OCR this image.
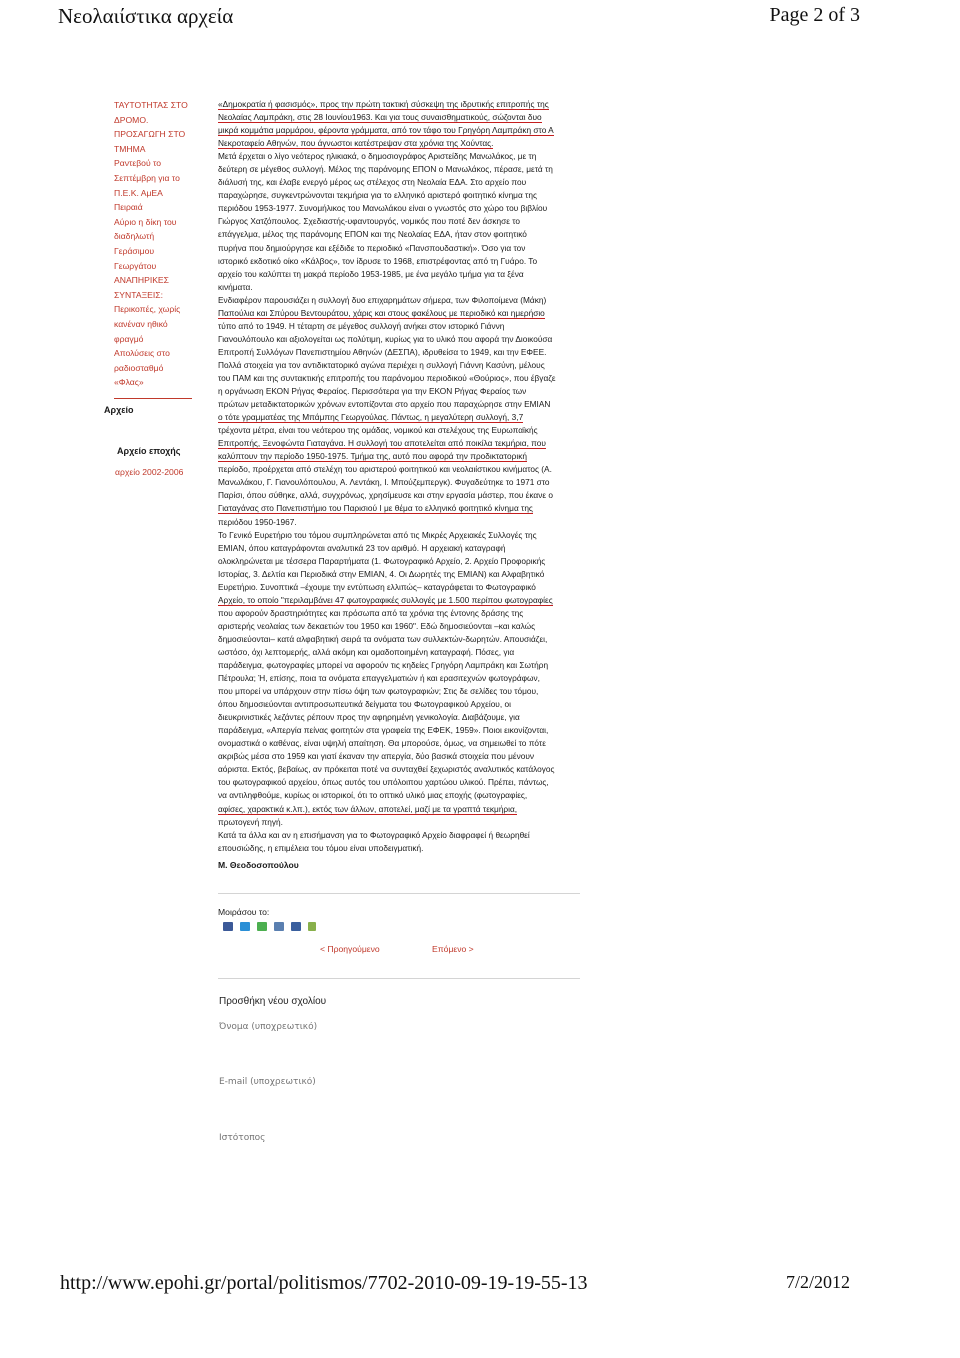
Νεολαιίστικα αρχεία	Page 2 of 3
ΤΑΥΤΟΤΗΤΑΣ ΣΤΟ
ΔΡΟΜΟ.
ΠΡΟΣΑΓΩΓΗ ΣΤΟ
ΤΜΗΜΑ
Ραντεβού το
Σεπτέμβρη για το
Π.Ε.Κ. ΑμΕΑ
Πειραιά
Αύριο η δίκη του
διαδηλωτή
Γεράσιμου
Γεωργάτου
ΑΝΑΠΗΡΙΚΕΣ
ΣΥΝΤΑΞΕΙΣ:
Περικοπές, χωρίς
κανέναν ηθικό
φραγμό
Απολύσεις στο
ραδιοσταθμό
«Φλας»
Αρχείο
Αρχείο εποχής
αρχείο 2002-2006

«Δημοκρατία ή φασισμός», προς την πρώτη τακτική σύσκεψη της ιδρυτικής επιτροπής της

Νεολαίας Λαμπράκη, στις 28 Ιουνίου1963. Και για τους συναισθηματικούς, σώζονται δυο

μικρά κομμάτια μαρμάρου, φέροντα γράμματα, από τον τάφο του Γρηγόρη Λαμπράκη στο Α

Νεκροταφείο Αθηνών, που άγνωστοι κατέστρεψαν στα χρόνια της Χούντας.

Μετά έρχεται ο λίγο νεότερος ηλικιακά, ο δημοσιογράφος Αριστείδης Μανωλάκος, με τη

δεύτερη σε μέγεθος συλλογή. Μέλος της παράνομης ΕΠΟΝ ο Μανωλάκος, πέρασε, μετά τη

διάλυσή της, και έλαβε ενεργό μέρος ως στέλεχος στη Νεολαία ΕΔΑ. Στο αρχείο που

παραχώρησε, συγκεντρώνονται τεκμήρια για το ελληνικό αριστερό φοιτητικό κίνημα της

περιόδου 1953-1977. Συνομήλικος του Μανωλάκου είναι ο γνωστός στο χώρο του βιβλίου

Γιώργος Χατζόπουλος. Σχεδιαστής-υφαντουργός, νομικός που ποτέ δεν άσκησε το

επάγγελμα, μέλος της παράνομης ΕΠΟΝ και της Νεολαίας ΕΔΑ, ήταν στον φοιτητικό

πυρήνα που δημιούργησε και εξέδιδε το περιοδικό «Πανσπουδαστική». Όσο για τον

ιστορικό εκδοτικό οίκο «Κάλβος», τον ίδρυσε το 1968, επιστρέφοντας από τη Γυάρο. Το

αρχείο του καλύπτει τη μακρά περίοδο 1953-1985, με ένα μεγάλο τμήμα για τα ξένα

κινήματα.

Ενδιαφέρον παρουσιάζει η συλλογή δυο επιχαρημάτων σήμερα, των Φιλοποίμενα (Μάκη)

Παπούλια και Σπύρου Βεντουράτου, χάρις και στους φακέλους με περιοδικό και ημερήσιο

τύπο από το 1949. Η τέταρτη σε μέγεθος συλλογή ανήκει στον ιστορικό Γιάννη

Γιανουλόπουλο και αξιολογείται ως πολύτιμη, κυρίως για το υλικό που αφορά την Διοικούσα

Επιτροπή Συλλόγων Πανεπιστημίου Αθηνών (ΔΕΣΠΑ), ιδρυθείσα το 1949, και την ΕΦΕΕ.

Πολλά στοιχεία για τον αντιδικτατορικό αγώνα περιέχει η συλλογή Γιάννη Κασύνη, μέλους

του ΠΑΜ και της συντακτικής επιτροπής του παράνομου περιοδικού «Θούριος», που έβγαζε

η οργάνωση ΕΚΟΝ Ρήγας Φεραίος. Περισσότερα για την ΕΚΟΝ Ρήγας Φεραίος των

πρώτων μεταδικτατορικών χρόνων εντοπίζονται στο αρχείο που παραχώρησε στην ΕΜΙΑΝ

ο τότε γραμματέας της Μπάμπης Γεωργούλας. Πάντως, η μεγαλύτερη συλλογή, 3,7

τρέχοντα μέτρα, είναι του νεότερου της ομάδας, νομικού και στελέχους της Ευρωπαϊκής

Επιτροπής, Ξενοφώντα Γιαταγάνα. Η συλλογή του αποτελείται από ποικίλα τεκμήρια, που

καλύπτουν την περίοδο 1950-1975. Τμήμα της, αυτό που αφορά την προδικτατορική

περίοδο, προέρχεται από στελέχη του αριστερού φοιτητικού και νεολαιίστικου κινήματος (Α.

Μανωλάκου, Γ. Γιανουλόπουλου, Α. Λεντάκη, Ι. Μπούζεμπεργκ). Φυγαδεύτηκε το 1971 στο

Παρίσι, όπου σύθηκε, αλλά, συγχρόνως, χρησίμευσε και στην εργασία μάστερ, που έκανε ο

Γιαταγάνας στο Πανεπιστήμιο του Παρισιού Ι με θέμα το ελληνικό φοιτητικό κίνημα της

περιόδου 1950-1967.

Το Γενικό Ευρετήριο του τόμου συμπληρώνεται από τις Μικρές Αρχειακές Συλλογές της

ΕΜΙΑΝ, όπου καταγράφονται αναλυτικά 23 τον αριθμό. Η αρχειακή καταγραφή

ολοκληρώνεται με τέσσερα Παραρτήματα (1. Φωτογραφικό Αρχείο, 2. Αρχείο Προφορικής

Ιστορίας, 3. Δελτία και Περιοδικά στην ΕΜΙΑΝ, 4. Οι Δωρητές της ΕΜΙΑΝ) και Αλφαβητικό

Ευρετήριο. Συνοπτικά –έχουμε την εντύπωση ελλιπώς– καταγράφεται το Φωτογραφικό

Αρχείο, το οποίο "περιλαμβάνει 47 φωτογραφικές συλλογές με 1.500 περίπου φωτογραφίες

που αφορούν δραστηριότητες και πρόσωπα από τα χρόνια της έντονης δράσης της

αριστερής νεολαίας των δεκαετιών του 1950 και 1960". Εδώ δημοσιεύονται –και καλώς

δημοσιεύονται– κατά αλφαβητική σειρά τα ονόματα των συλλεκτών-δωρητών. Απουσιάζει,

ωστόσο, όχι λεπτομερής, αλλά ακόμη και ομαδοποιημένη καταγραφή. Πόσες, για

παράδειγμα, φωτογραφίες μπορεί να αφορούν τις κηδείες Γρηγόρη Λαμπράκη και Σωτήρη

Πέτρουλα; Ή, επίσης, ποια τα ονόματα επαγγελματιών ή και ερασιτεχνών φωτογράφων,

που μπορεί να υπάρχουν στην πίσω όψη των φωτογραφιών; Στις δε σελίδες του τόμου,

όπου δημοσιεύονται αντιπροσωπευτικά δείγματα του Φωτογραφικού Αρχείου, οι

διευκρινιστικές λεζάντες ρέπουν προς την αφηρημένη γενικολογία. Διαβάζουμε, για

παράδειγμα, «Απεργία πείνας φοιτητών στα γραφεία της ΕΦΕΚ, 1959». Ποιοι εικονίζονται,

ονομαστικά ο καθένας, είναι υψηλή απαίτηση. Θα μπορούσε, όμως, να σημειωθεί το πότε

ακριβώς μέσα στο 1959 και γιατί έκαναν την απεργία, δύο βασικά στοιχεία που μένουν

αόριστα. Εκτός, βεβαίως, αν πρόκειται ποτέ να συνταχθεί ξεχωριστός αναλυτικός κατάλογος

του φωτογραφικού αρχείου, όπως αυτός του υπόλοιπου χαρτώου υλικού. Πρέπει, πάντως,

να αντιληφθούμε, κυρίως οι ιστορικοί, ότι το οπτικό υλικό μιας εποχής (φωτογραφίες,

αφίσες, χαρακτικά κ.λπ.), εκτός των άλλων, αποτελεί, μαζί με τα γραπτά τεκμήρια,

πρωτογενή πηγή.

Κατά τα άλλα και αν η επισήμανση για το Φωτογραφικό Αρχείο διαφραφεί ή θεωρηθεί

επουσιώδης, η επιμέλεια του τόμου είναι υποδειγματική.

Μ. Θεοδοσοπούλου
Μοιράσου το:
< Προηγούμενο	Επόμενο >
Προσθήκη νέου σχολίου
Όνομα (υποχρεωτικό)
E-mail (υποχρεωτικό)
Ιστότοπος
http://www.epohi.gr/portal/politismos/7702-2010-09-19-19-55-13	7/2/2012
